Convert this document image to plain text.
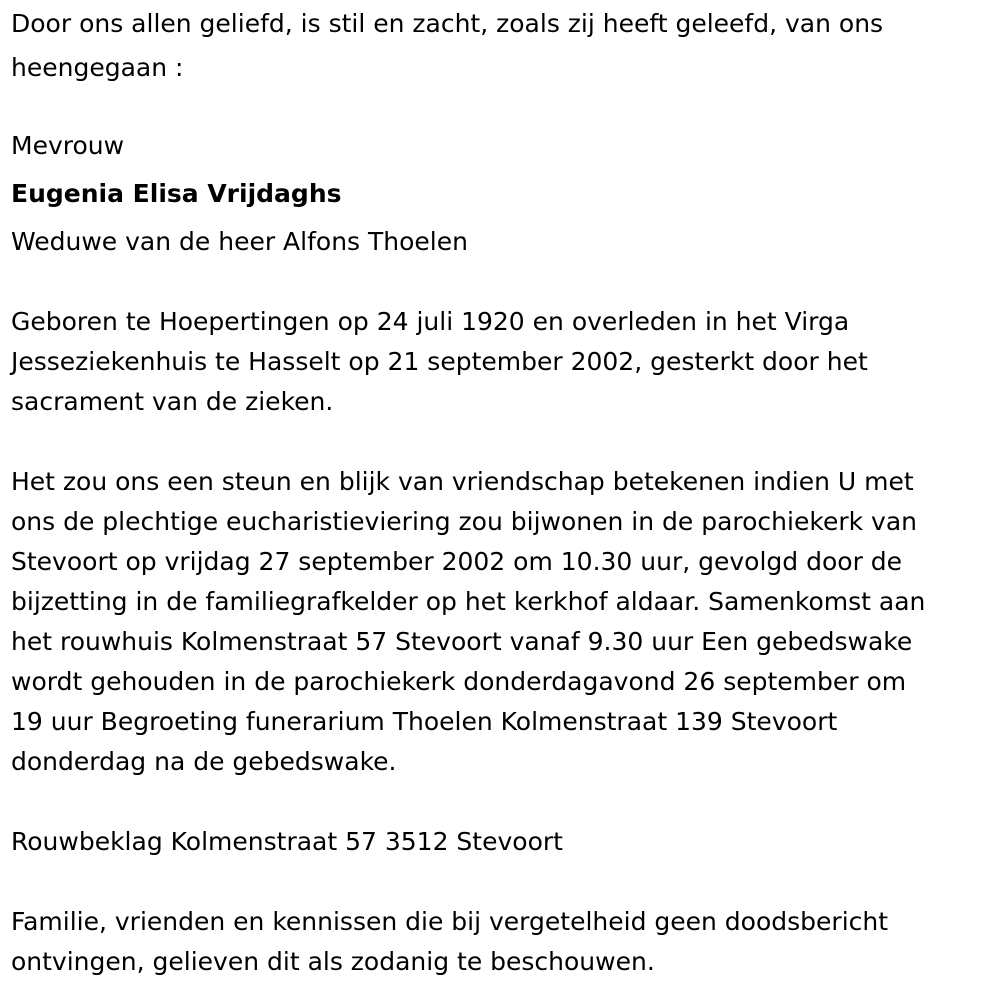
Door ons allen geliefd, is stil en zacht, zoals zij heeft geleefd, van ons
heengegaan :
Mevrouw
Eugenia Elisa Vrijdaghs
Weduwe van de heer Alfons Thoelen
Geboren te Hoepertingen op 24 juli 1920 en overleden in het Virga
Jesseziekenhuis te Hasselt op 21 september 2002, gesterkt door het
sacrament van de zieken.
Het zou ons een steun en blijk van vriendschap betekenen indien U met
ons de plechtige eucharistieviering zou bijwonen in de parochiekerk van
Stevoort op vrijdag 27 september 2002 om 10.30 uur, gevolgd door de
bijzetting in de familiegrafkelder op het kerkhof aldaar. Samenkomst aan
het rouwhuis Kolmenstraat 57 Stevoort vanaf 9.30 uur Een gebedswake
wordt gehouden in de parochiekerk donderdagavond 26 september om
19 uur Begroeting funerarium Thoelen Kolmenstraat 139 Stevoort
donderdag na de gebedswake.
Rouwbeklag Kolmenstraat 57 3512 Stevoort
Familie, vrienden en kennissen die bij vergetelheid geen doodsbericht
ontvingen, gelieven dit als zodanig te beschouwen.
